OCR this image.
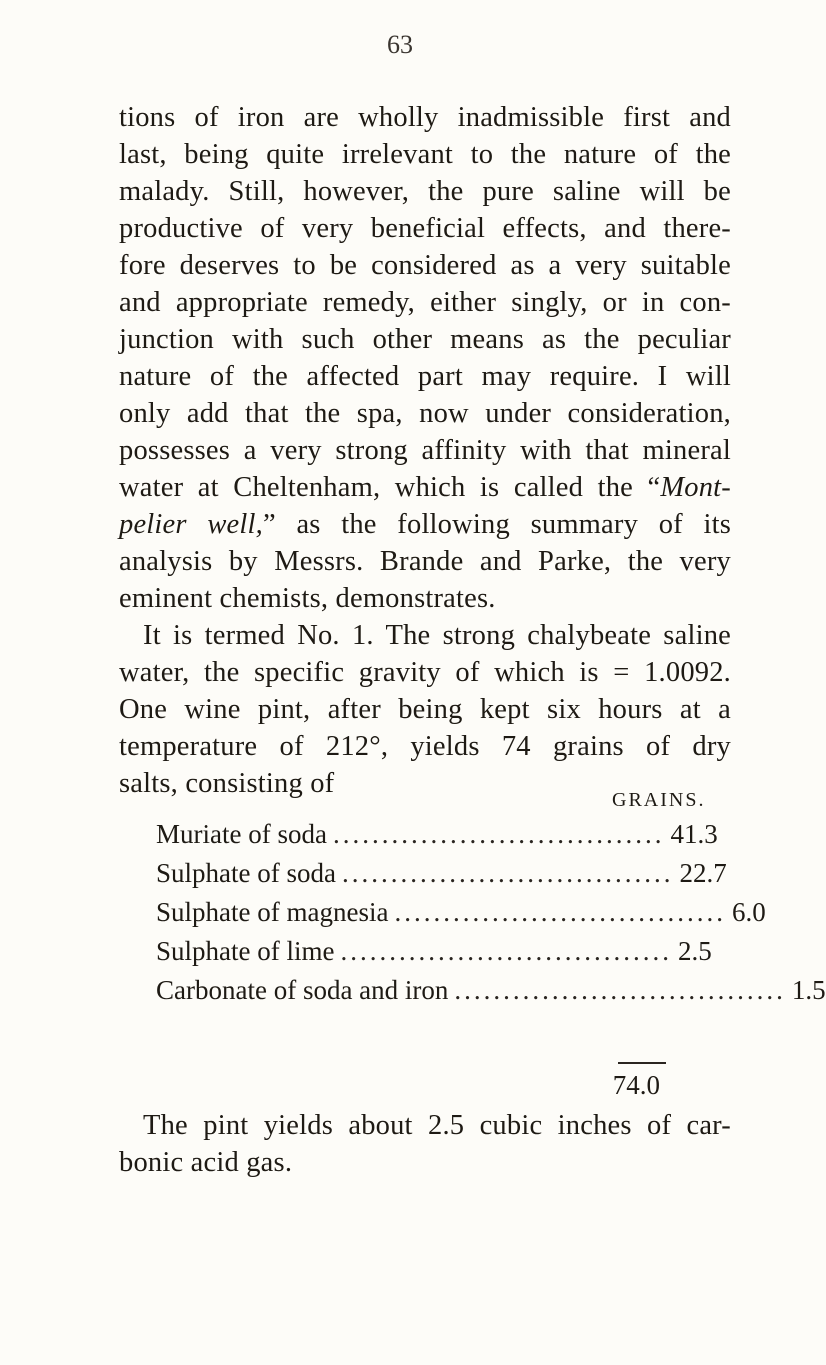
63
tions of iron are wholly inadmissible first and
last, being quite irrelevant to the nature of the
malady. Still, however, the pure saline will be
productive of very beneficial effects, and there-
fore deserves to be considered as a very suitable
and appropriate remedy, either singly, or in con-
junction with such other means as the peculiar
nature of the affected part may require. I will
only add that the spa, now under consideration,
possesses a very strong affinity with that mineral
water at Cheltenham, which is called the “Mont-
pelier well,” as the following summary of its
analysis by Messrs. Brande and Parke, the very
eminent chemists, demonstrates.
It is termed No. 1. The strong chalybeate saline
water, the specific gravity of which is = 1.0092.
One wine pint, after being kept six hours at a
temperature of 212°, yields 74 grains of dry
salts, consisting of
GRAINS.
Muriate of soda .................................. 41.3
Sulphate of soda .................................. 22.7
Sulphate of magnesia .................................. 6.0
Sulphate of lime .................................. 2.5
Carbonate of soda and iron .................................. 1.5
74.0
The pint yields about 2.5 cubic inches of car-
bonic acid gas.
